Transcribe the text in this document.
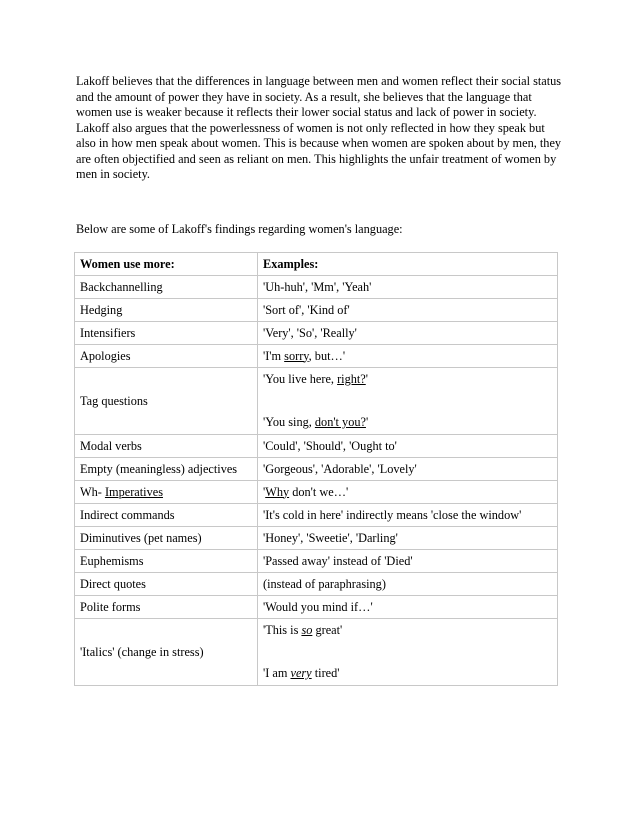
Lakoff believes that the differences in language between men and women reflect their social status and the amount of power they have in society. As a result, she believes that the language that women use is weaker because it reflects their lower social status and lack of power in society.

Lakoff also argues that the powerlessness of women is not only reflected in how they speak but also in how men speak about women. This is because when women are spoken about by men, they are often objectified and seen as reliant on men. This highlights the unfair treatment of women by men in society.

Below are some of Lakoff's findings regarding women's language:

Women use more:	Examples:
Backchannelling	'Uh-huh', 'Mm', 'Yeah'
Hedging	'Sort of', 'Kind of'
Intensifiers	'Very', 'So', 'Really'
Apologies	'I'm sorry, but…'
Tag questions	'You live here, right?'
'You sing, don't you?'

Modal verbs	'Could', 'Should', 'Ought to'
Empty (meaningless) adjectives	'Gorgeous', 'Adorable', 'Lovely'
Wh- Imperatives	'Why don't we…'
Indirect commands	'It's cold in here' indirectly means 'close the window'
Diminutives (pet names)	'Honey', 'Sweetie', 'Darling'
Euphemisms	'Passed away' instead of 'Died'
Direct quotes	(instead of paraphrasing)
Polite forms	'Would you mind if…'
'Italics' (change in stress)	'This is so great'
'I am very tired'
